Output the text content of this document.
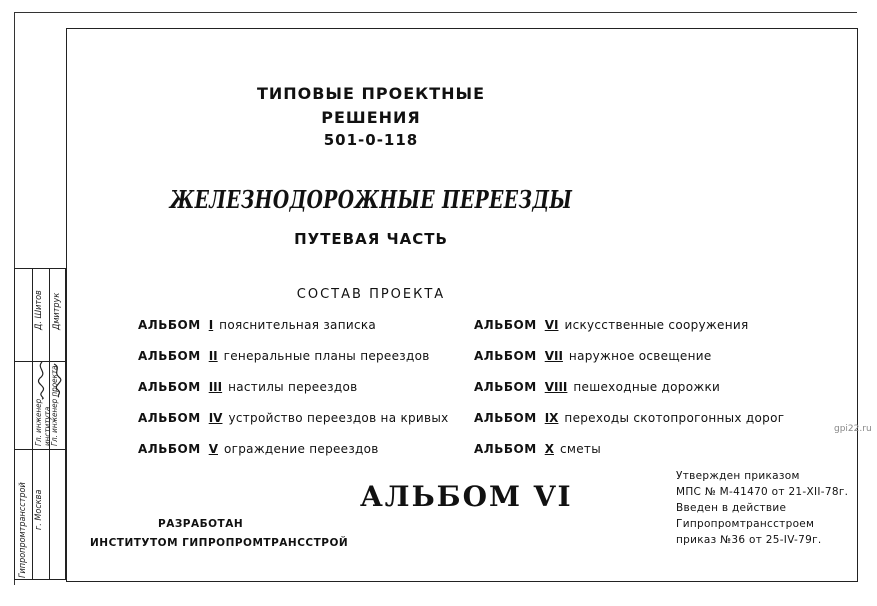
Гипропромтрансстрой г. Москва
Гл. инженер института
Гл. инженер проекта
Д. Шитов Дмитрук
ТИПОВЫЕ ПРОЕКТНЫЕ
РЕШЕНИЯ
501-0-118
ЖЕЛЕЗНОДОРОЖНЫЕ ПЕРЕЕЗДЫ
ПУТЕВАЯ ЧАСТЬ
СОСТАВ ПРОЕКТА
АЛЬБОМ I пояснительная записка
АЛЬБОМ II генеральные планы переездов
АЛЬБОМ III настилы переездов
АЛЬБОМ IV устройство переездов на кривых
АЛЬБОМ V ограждение переездов
АЛЬБОМ VI искусственные сооружения
АЛЬБОМ VII наружное освещение
АЛЬБОМ VIII пешеходные дорожки
АЛЬБОМ IX переходы скотопрогонных дорог
АЛЬБОМ X сметы
АЛЬБОМ VI
РАЗРАБОТАН
ИНСТИТУТОМ ГИПРОПРОМТРАНССТРОЙ
Утвержден приказом
МПС № М-41470 от 21-XII-78г.
Введен в действие
Гипропромтрансстроем
приказ №36 от 25-IV-79г.
gpi22.ru
